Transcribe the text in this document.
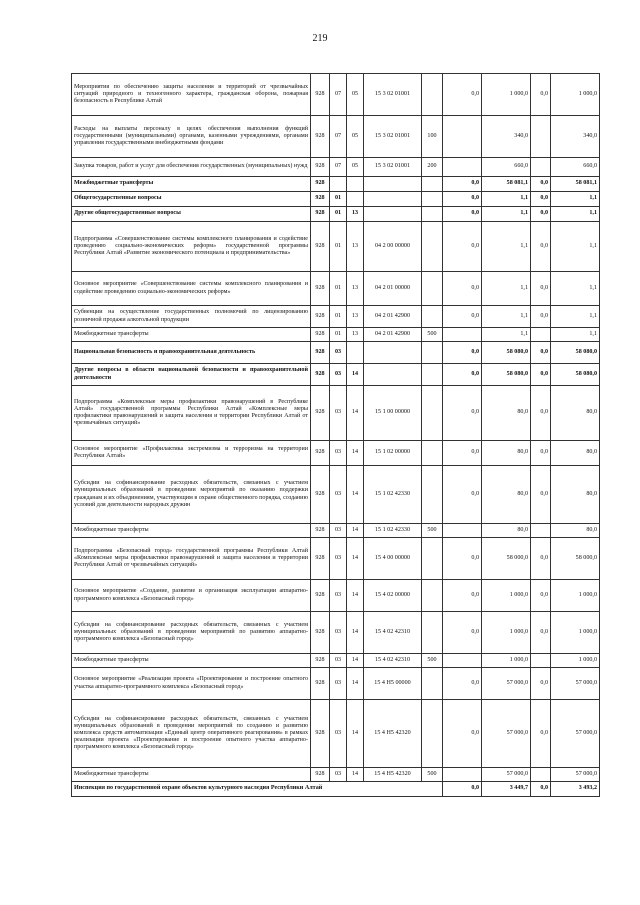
219
Мероприятия по обеспечению защиты населения и территорий от чрезвычайных ситуаций природного и техногенного характера, гражданская оборона, пожарная безопасность в Республике Алтай	928	07	05	15 3 02 01001		0,0	1 000,0	0,0	1 000,0
Расходы на выплаты персоналу в целях обеспечения выполнения функций государственными (муниципальными) органами, казенными учреждениями, органами управления государственными внебюджетными фондами	928	07	05	15 3 02 01001	100		340,0		340,0
Закупка товаров, работ и услуг для обеспечения государственных (муниципальных) нужд	928	07	05	15 3 02 01001	200		660,0		660,0
Межбюджетные трансферты	928					0,0	58 081,1	0,0	58 081,1
Общегосударственные вопросы	928	01				0,0	1,1	0,0	1,1
Другие общегосударственные вопросы	928	01	13			0,0	1,1	0,0	1,1
Подпрограмма «Совершенствование системы комплексного планирования и содействие проведению социально-экономических реформ» государственной программы Республики Алтай «Развитие экономического потенциала и предпринимательства»	928	01	13	04 2 00 00000		0,0	1,1	0,0	1,1
Основное мероприятие «Совершенствование системы комплексного планирования и содействие проведению социально-экономических реформ»	928	01	13	04 2 01 00000		0,0	1,1	0,0	1,1
Субвенции на осуществление государственных полномочий по лицензированию розничной продажи алкогольной продукции	928	01	13	04 2 01 42900		0,0	1,1	0,0	1,1
Межбюджетные трансферты	928	01	13	04 2 01 42900	500		1,1		1,1
Национальная безопасность и правоохранительная деятельность	928	03				0,0	58 080,0	0,0	58 080,0
Другие вопросы в области национальной безопасности и правоохранительной деятельности	928	03	14			0,0	58 080,0	0,0	58 080,0
Подпрограмма «Комплексные меры профилактики правонарушений в Республике Алтай» государственной программы Республики Алтай «Комплексные меры профилактики правонарушений и защита населения и территории Республики Алтай от чрезвычайных ситуаций»	928	03	14	15 1 00 00000		0,0	80,0	0,0	80,0
Основное мероприятие «Профилактика экстремизма и терроризма на территории Республики Алтай»	928	03	14	15 1 02 00000		0,0	80,0	0,0	80,0
Субсидии на софинансирование расходных обязательств, связанных с участием муниципальных образований в проведении мероприятий по оказанию поддержки гражданам и их объединениям, участвующим в охране общественного порядка, созданию условий для деятельности народных дружин	928	03	14	15 1 02 42330		0,0	80,0	0,0	80,0
Межбюджетные трансферты	928	03	14	15 1 02 42330	500		80,0		80,0
Подпрограмма «Безопасный город» государственной программы Республики Алтай «Комплексные меры профилактики правонарушений и защита населения и территории Республики Алтай от чрезвычайных ситуаций»	928	03	14	15 4 00 00000		0,0	58 000,0	0,0	58 000,0
Основное мероприятие «Создание, развитие и организация эксплуатации аппаратно-программного комплекса «Безопасный город»	928	03	14	15 4 02 00000		0,0	1 000,0	0,0	1 000,0
Субсидии на софинансирование расходных обязательств, связанных с участием муниципальных образований в проведении мероприятий по развитию аппаратно-программного комплекса «Безопасный город»	928	03	14	15 4 02 42310		0,0	1 000,0	0,0	1 000,0
Межбюджетные трансферты	928	03	14	15 4 02 42310	500		1 000,0		1 000,0
Основное мероприятие «Реализация проекта «Проектирование и построение опытного участка аппаратно-программного комплекса «Безопасный город»	928	03	14	15 4 H5 00000		0,0	57 000,0	0,0	57 000,0
Субсидии на софинансирование расходных обязательств, связанных с участием муниципальных образований в проведении мероприятий по созданию и развитию комплекса средств автоматизации «Единый центр оперативного реагирования» в рамках реализации проекта «Проектирование и построение опытного участка аппаратно-программного комплекса «Безопасный город»	928	03	14	15 4 H5 42320		0,0	57 000,0	0,0	57 000,0
Межбюджетные трансферты	928	03	14	15 4 H5 42320	500		57 000,0		57 000,0
Инспекция по государственной охране объектов культурного наследия Республики Алтай						0,0	3 449,7	0,0	3 493,2
